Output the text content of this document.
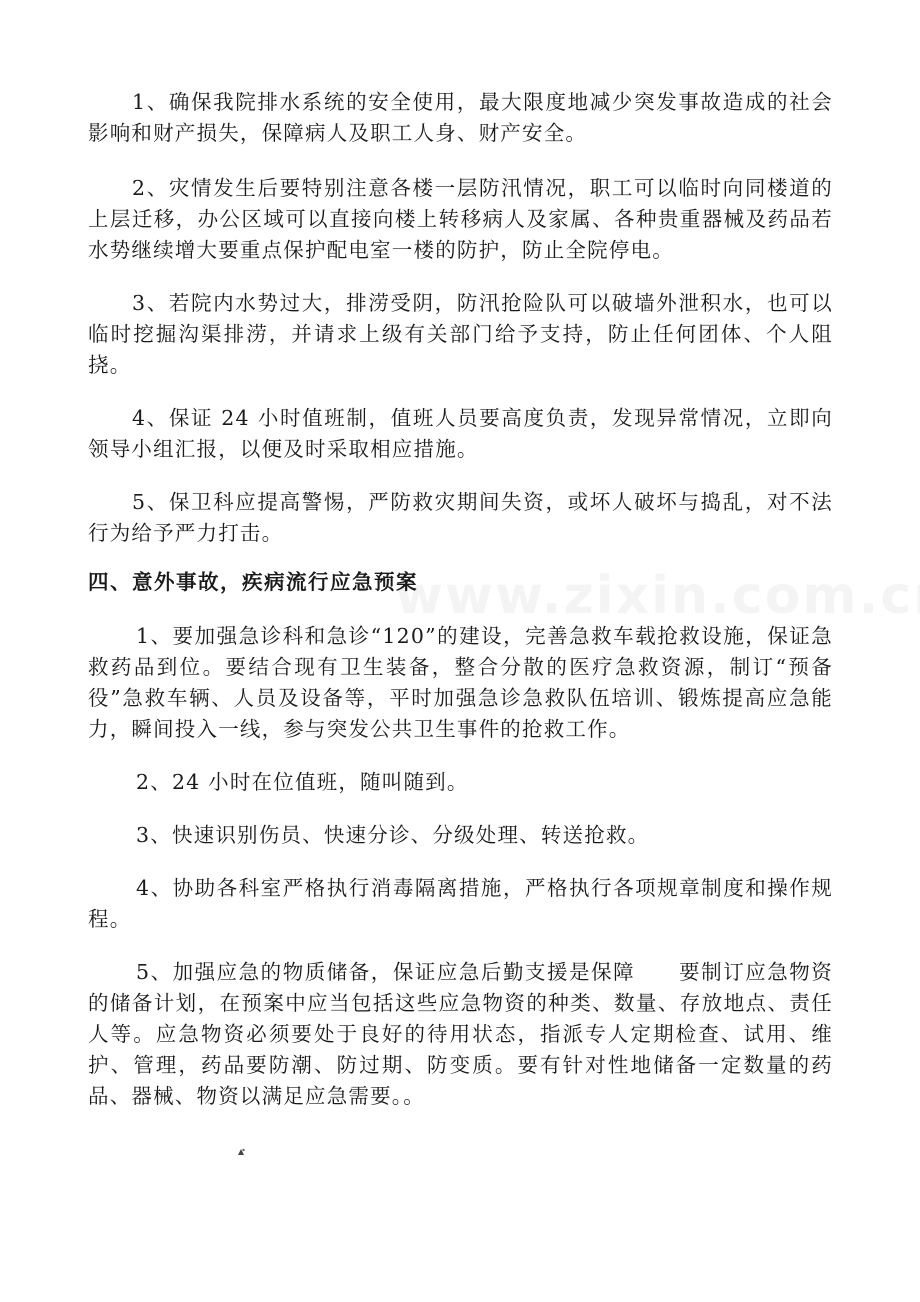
1、确保我院排水系统的安全使用，最大限度地减少突发事故造成的社会影响和财产损失，保障病人及职工人身、财产安全。

2、灾情发生后要特别注意各楼一层防汛情况，职工可以临时向同楼道的上层迁移，办公区域可以直接向楼上转移病人及家属、各种贵重器械及药品若水势继续增大要重点保护配电室一楼的防护，防止全院停电。

3、若院内水势过大，排涝受阴，防汛抢险队可以破墙外泄积水，也可以临时挖掘沟渠排涝，并请求上级有关部门给予支持，防止任何团体、个人阻挠。

4、保证 24 小时值班制，值班人员要高度负责，发现异常情况，立即向领导小组汇报，以便及时采取相应措施。

5、保卫科应提高警惕，严防救灾期间失资，或坏人破坏与捣乱，对不法行为给予严力打击。

四、意外事故，疾病流行应急预案

1、要加强急诊科和急诊“120”的建设，完善急救车载抢救设施，保证急救药品到位。要结合现有卫生装备，整合分散的医疗急救资源，制订“预备役”急救车辆、人员及设备等，平时加强急诊急救队伍培训、锻炼提高应急能力，瞬间投入一线，参与突发公共卫生事件的抢救工作。

2、24 小时在位值班，随叫随到。

3、快速识别伤员、快速分诊、分级处理、转送抢救。

4、协助各科室严格执行消毒隔离措施，严格执行各项规章制度和操作规程。

5、加强应急的物质储备，保证应急后勤支援是保障　　要制订应急物资的储备计划，在预案中应当包括这些应急物资的种类、数量、存放地点、责任人等。应急物资必须要处于良好的待用状态，指派专人定期检查、试用、维护、管理，药品要防潮、防过期、防变质。要有针对性地储备一定数量的药品、器械、物资以满足应急需要。。
